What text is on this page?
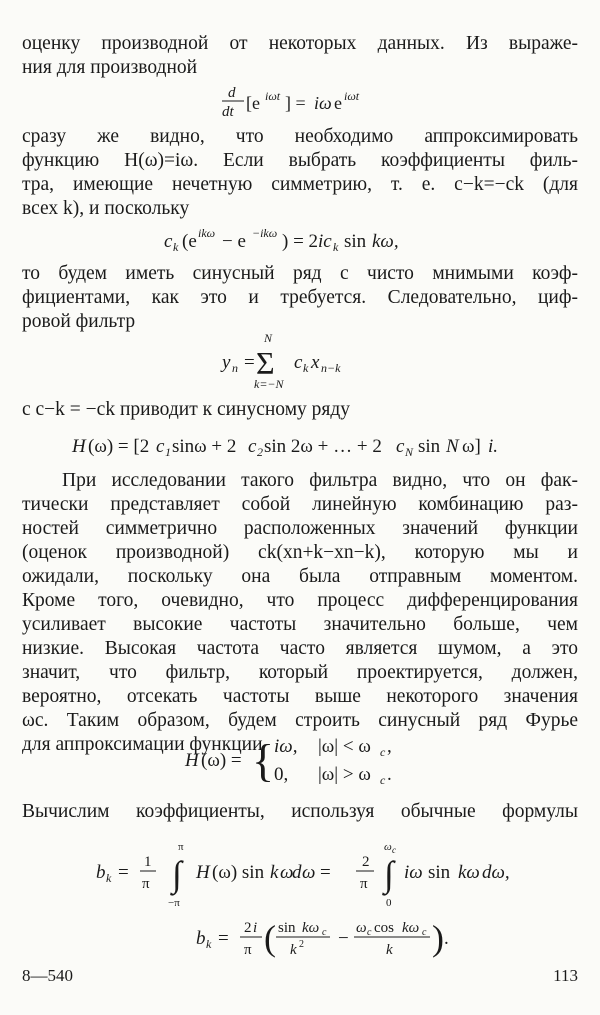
оценку производной от некоторых данных. Из выраже-
ния для производной
d
dt [e iωt ] = iω e iωt
сразу же видно, что необходимо аппроксимировать
функцию H(ω)=iω. Если выбрать коэффициенты филь-
тра, имеющие нечетную симметрию, т. е. c−k=−ck (для
всех k), и поскольку
c k (e ikω − e −ikω ) = 2 ic k sin kω,
то будем иметь синусный ряд с чисто мнимыми коэф-
фициентами, как это и требуется. Следовательно, циф-
ровой фильтр
y n =
N
Σ
k=−N
c k x n−k
с c−k = −ck приводит к синусному ряду
H (ω) = [2 c 1 sinω + 2 c 2 sin 2ω + … + 2 c N sin N ω] i.
При исследовании такого фильтра видно, что он фак-
тически представляет собой линейную комбинацию раз-
ностей симметрично расположенных значений функции
(оценок производной) ck(xn+k−xn−k), которую мы и
ожидали, поскольку она была отправным моментом.
Кроме того, очевидно, что процесс дифференцирования
усиливает высокие частоты значительно больше, чем
низкие. Высокая частота часто является шумом, а это
значит, что фильтр, который проектируется, должен,
вероятно, отсекать частоты выше некоторого значения
ωc. Таким образом, будем строить синусный ряд Фурье
для аппроксимации функции
H (ω) = { iω, |ω| < ω c ,
0, |ω| > ω c .
Вычислим коэффициенты, используя обычные формулы
b k = 1
π
π
∫
−π
H (ω) sin k ω
d ω = 2
π
ω c
∫
0
iω sin kω dω,
b k = 2 i
π ( sin kω c
k 2 − ω c cos kω c
k ) .
8—540	113
